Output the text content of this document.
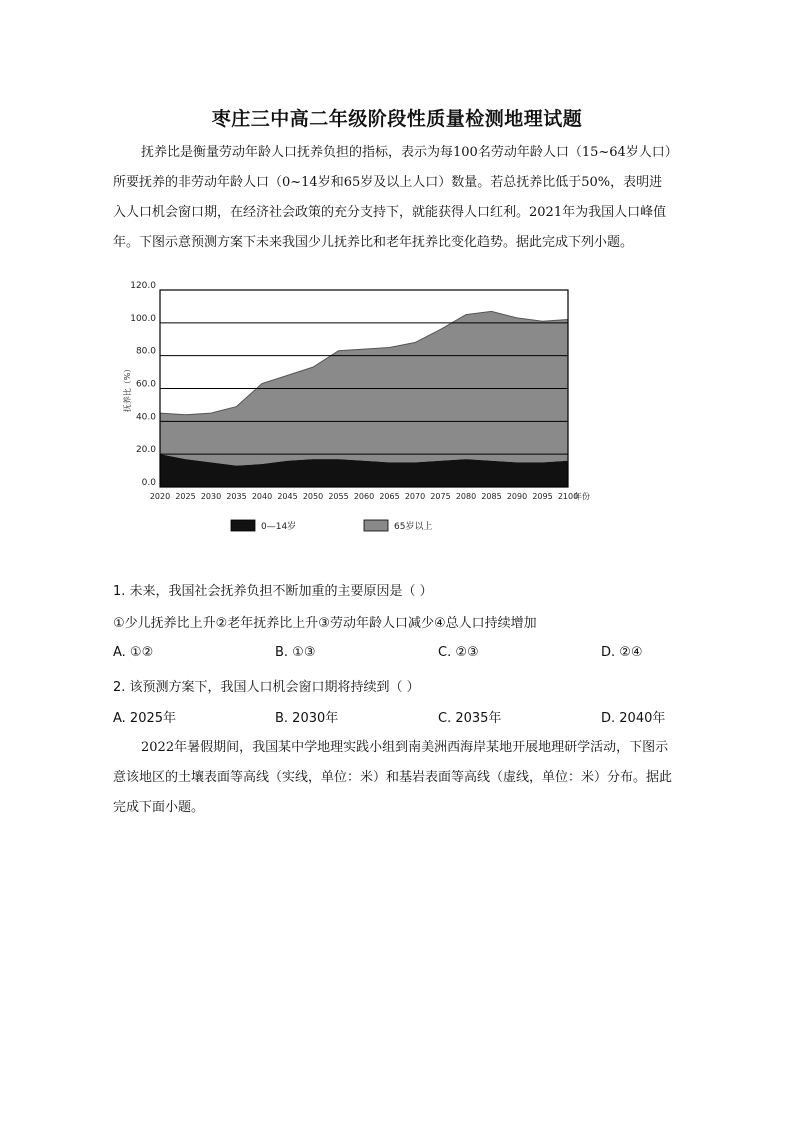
枣庄三中高二年级阶段性质量检测地理试题

抚养比是衡量劳动年龄人口抚养负担的指标，表示为每100名劳动年龄人口（15~64岁人口）

所要抚养的非劳动年龄人口（0~14岁和65岁及以上人口）数量。若总抚养比低于50%，表明进

入人口机会窗口期，在经济社会政策的充分支持下，就能获得人口红利。2021年为我国人口峰值

年。下图示意预测方案下未来我国少儿抚养比和老年抚养比变化趋势。据此完成下列小题。

0.0
20.0
40.0
60.0
80.0
100.0
120.0
2020 2025 2030 2035 2040 2045 2050 2055 2060 2065 2070 2075 2080 2085 2090 2095 2100
年份
抚养比（%）
0—14岁	65岁以上
1. 未来，我国社会抚养负担不断加重的主要原因是（ ）
①少儿抚养比上升②老年抚养比上升③劳动年龄人口减少④总人口持续增加
A. ①②	B. ①③	C. ②③	D. ②④
2. 该预测方案下，我国人口机会窗口期将持续到（ ）
A. 2025年	B. 2030年	C. 2035年	D. 2040年

2022年暑假期间，我国某中学地理实践小组到南美洲西海岸某地开展地理研学活动，下图示

意该地区的土壤表面等高线（实线，单位：米）和基岩表面等高线（虚线，单位：米）分布。据此

完成下面小题。
